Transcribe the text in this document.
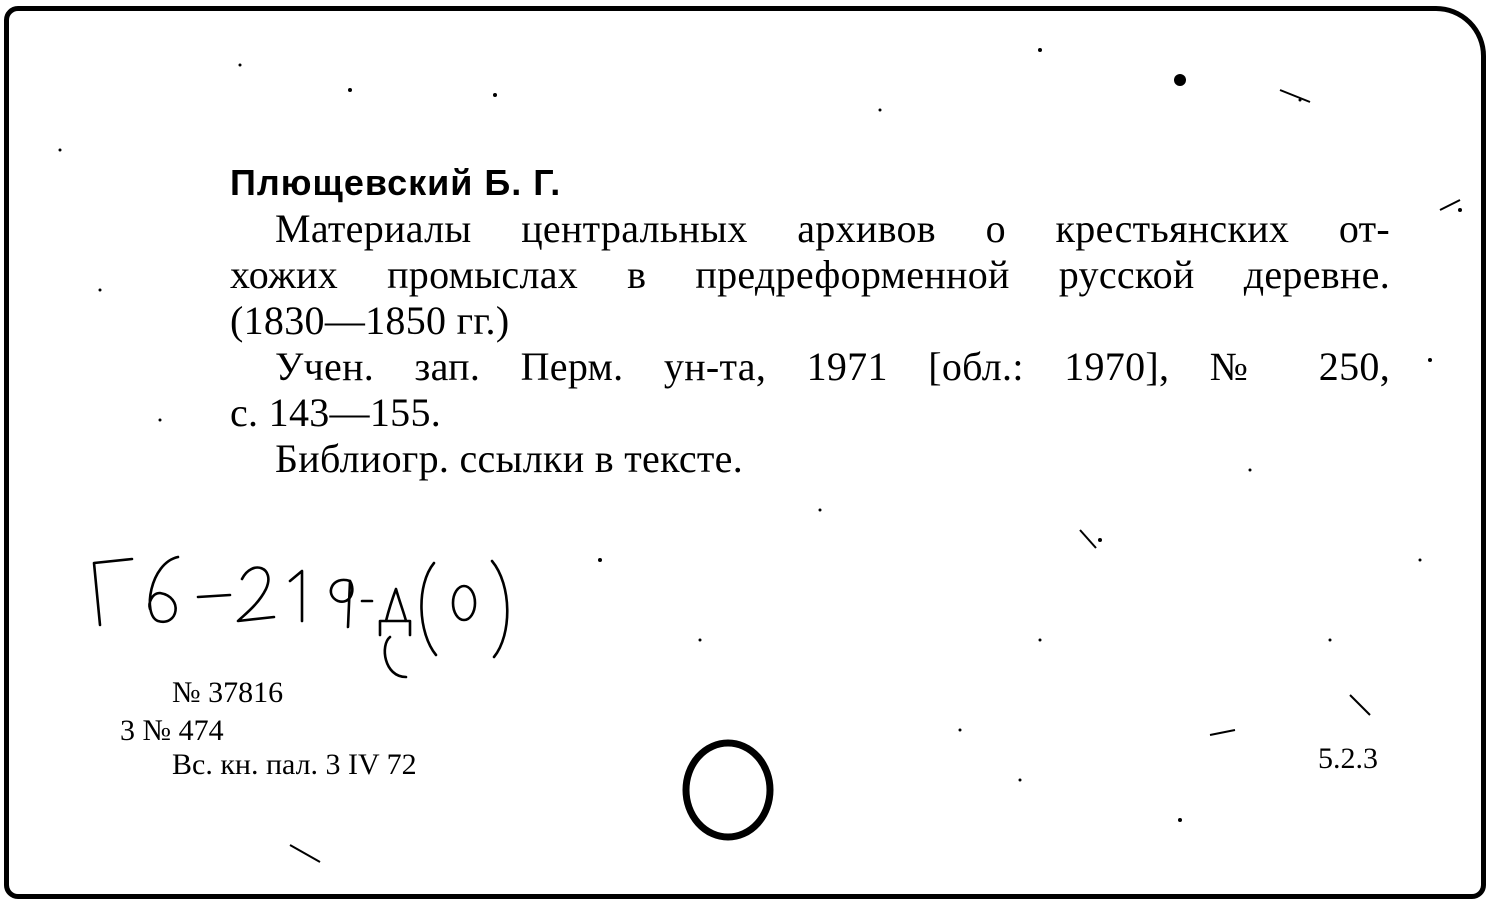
Плющевский Б. Г.
Материалы центральных архивов о крестьянских от-
хожих промыслах в предреформенной русской деревне.
(1830—1850 гг.)
Учен. зап. Перм. ун-та, 1971 [обл.: 1970], № 250,
с. 143—155.
Библиогр. ссылки в тексте.
№ 37816
3 № 474
Вс. кн. пал. 3 IV 72	5.2.3
